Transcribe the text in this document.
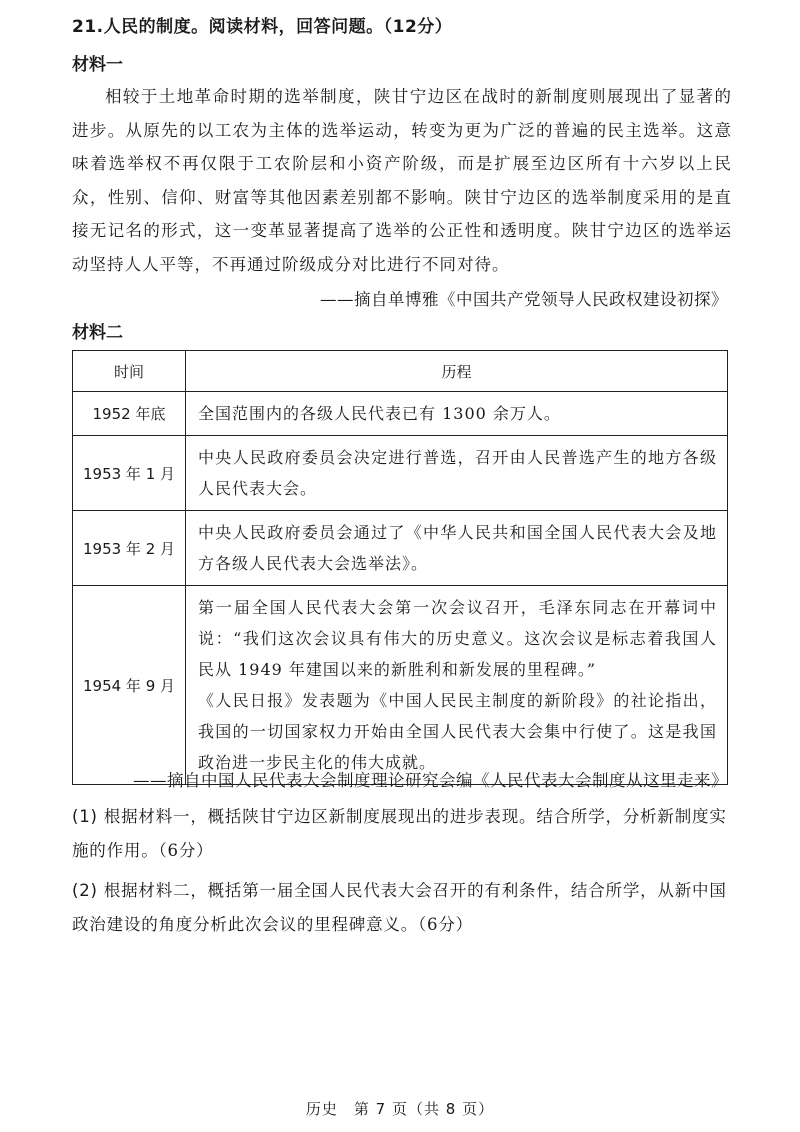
21.人民的制度。阅读材料，回答问题。（12分）
材料一
相较于土地革命时期的选举制度，陕甘宁边区在战时的新制度则展现出了显著的进步。从原先的以工农为主体的选举运动，转变为更为广泛的普遍的民主选举。这意味着选举权不再仅限于工农阶层和小资产阶级，而是扩展至边区所有十六岁以上民众，性别、信仰、财富等其他因素差别都不影响。陕甘宁边区的选举制度采用的是直接无记名的形式，这一变革显著提高了选举的公正性和透明度。陕甘宁边区的选举运动坚持人人平等，不再通过阶级成分对比进行不同对待。
——摘自单博雅《中国共产党领导人民政权建设初探》
材料二
时间	历程
1952 年底	全国范围内的各级人民代表已有 1300 余万人。

1953 年 1 月	中央人民政府委员会决定进行普选，召开由人民普选产生的地方各级人民代表大会。

1953 年 2 月	中央人民政府委员会通过了《中华人民共和国全国人民代表大会及地方各级人民代表大会选举法》。

1954 年 9 月	第一届全国人民代表大会第一次会议召开，毛泽东同志在开幕词中说：“我们这次会议具有伟大的历史意义。这次会议是标志着我国人民从 1949 年建国以来的新胜利和新发展的里程碑。”
《人民日报》发表题为《中国人民民主制度的新阶段》的社论指出，我国的一切国家权力开始由全国人民代表大会集中行使了。这是我国政治进一步民主化的伟大成就。
——摘自中国人民代表大会制度理论研究会编《人民代表大会制度从这里走来》
(1) 根据材料一，概括陕甘宁边区新制度展现出的进步表现。结合所学，分析新制度实施的作用。（6分）
(2) 根据材料二，概括第一届全国人民代表大会召开的有利条件，结合所学，从新中国政治建设的角度分析此次会议的里程碑意义。（6分）
历史　第 7 页（共 8 页）
